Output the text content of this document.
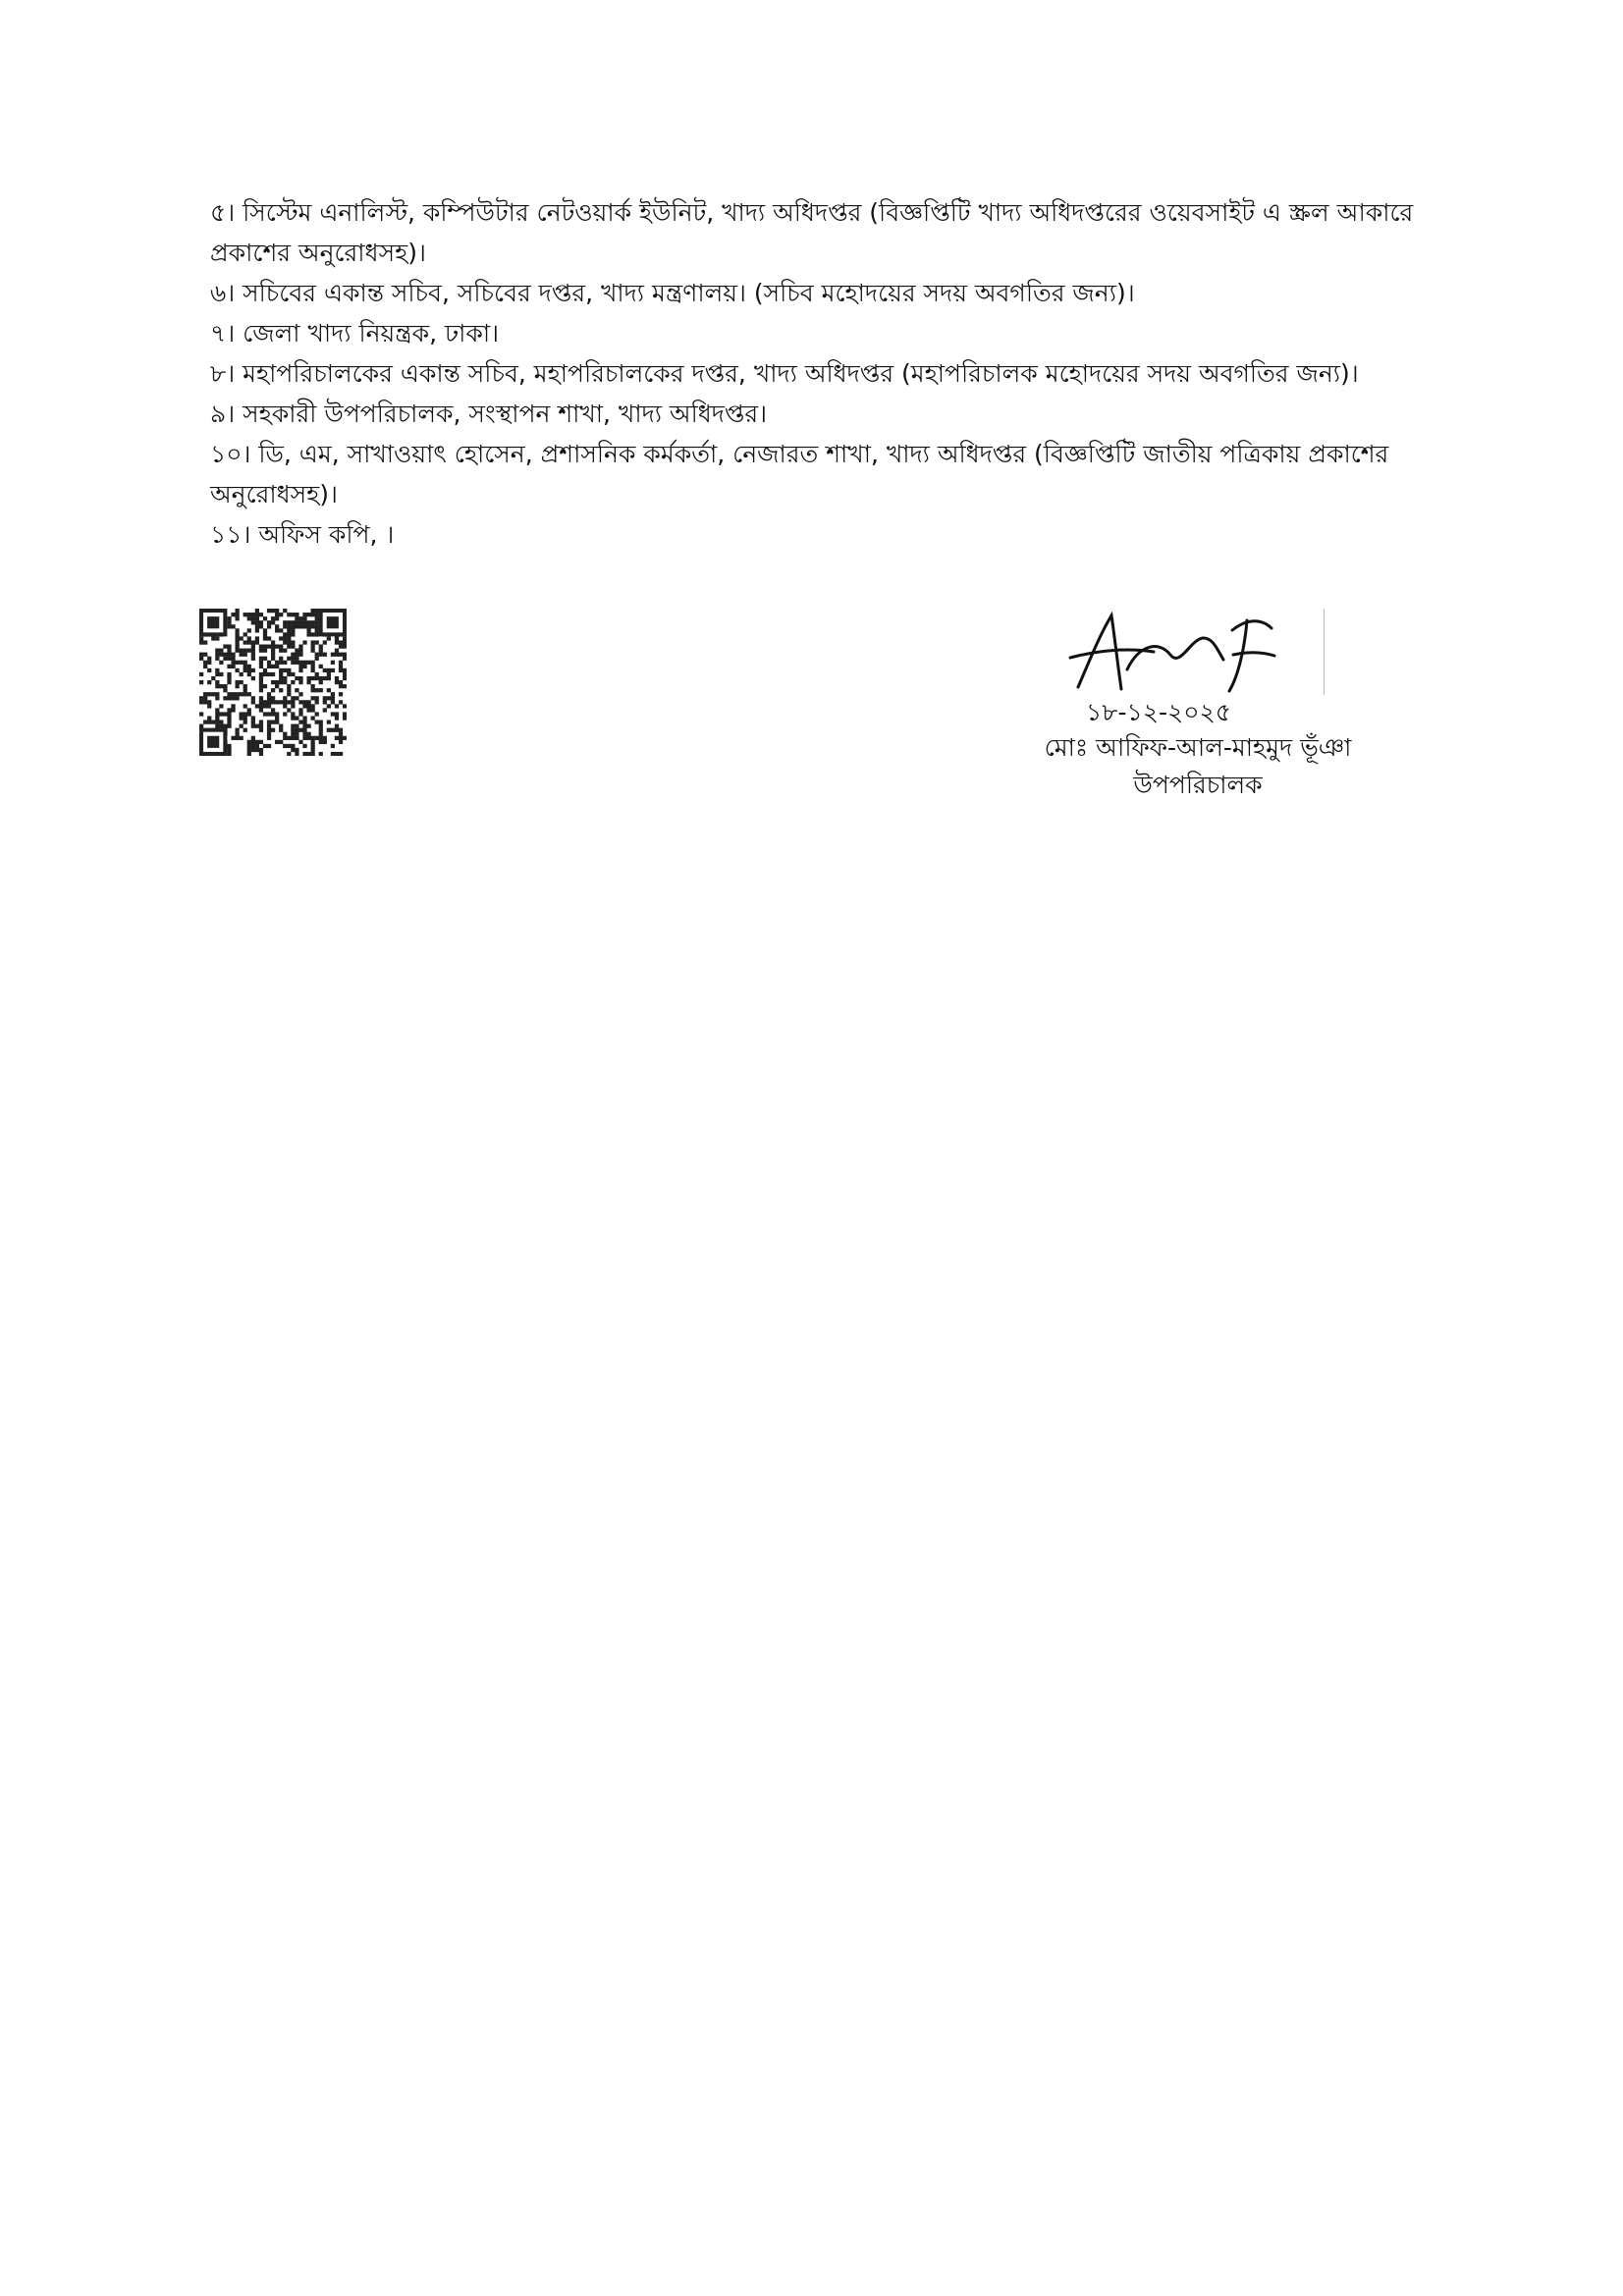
৫। সিস্টেম এনালিস্ট, কম্পিউটার নেটওয়ার্ক ইউনিট, খাদ্য অধিদপ্তর (বিজ্ঞপ্তিটি খাদ্য অধিদপ্তরের ওয়েবসাইট এ স্ক্রল আকারে প্রকাশের অনুরোধসহ)।

৬। সচিবের একান্ত সচিব, সচিবের দপ্তর, খাদ্য মন্ত্রণালয়। (সচিব মহোদয়ের সদয় অবগতির জন্য)।

৭। জেলা খাদ্য নিয়ন্ত্রক, ঢাকা।

৮। মহাপরিচালকের একান্ত সচিব, মহাপরিচালকের দপ্তর, খাদ্য অধিদপ্তর (মহাপরিচালক মহোদয়ের সদয় অবগতির জন্য)।

৯। সহকারী উপপরিচালক, সংস্থাপন শাখা, খাদ্য অধিদপ্তর।

১০। ডি, এম, সাখাওয়াৎ হোসেন, প্রশাসনিক কর্মকর্তা, নেজারত শাখা, খাদ্য অধিদপ্তর (বিজ্ঞপ্তিটি জাতীয় পত্রিকায় প্রকাশের অনুরোধসহ)।

১১। অফিস কপি, ।

১৮-১২-২০২৫
মোঃ আফিফ-আল-মাহমুদ ভূঁঞা
উপপরিচালক
